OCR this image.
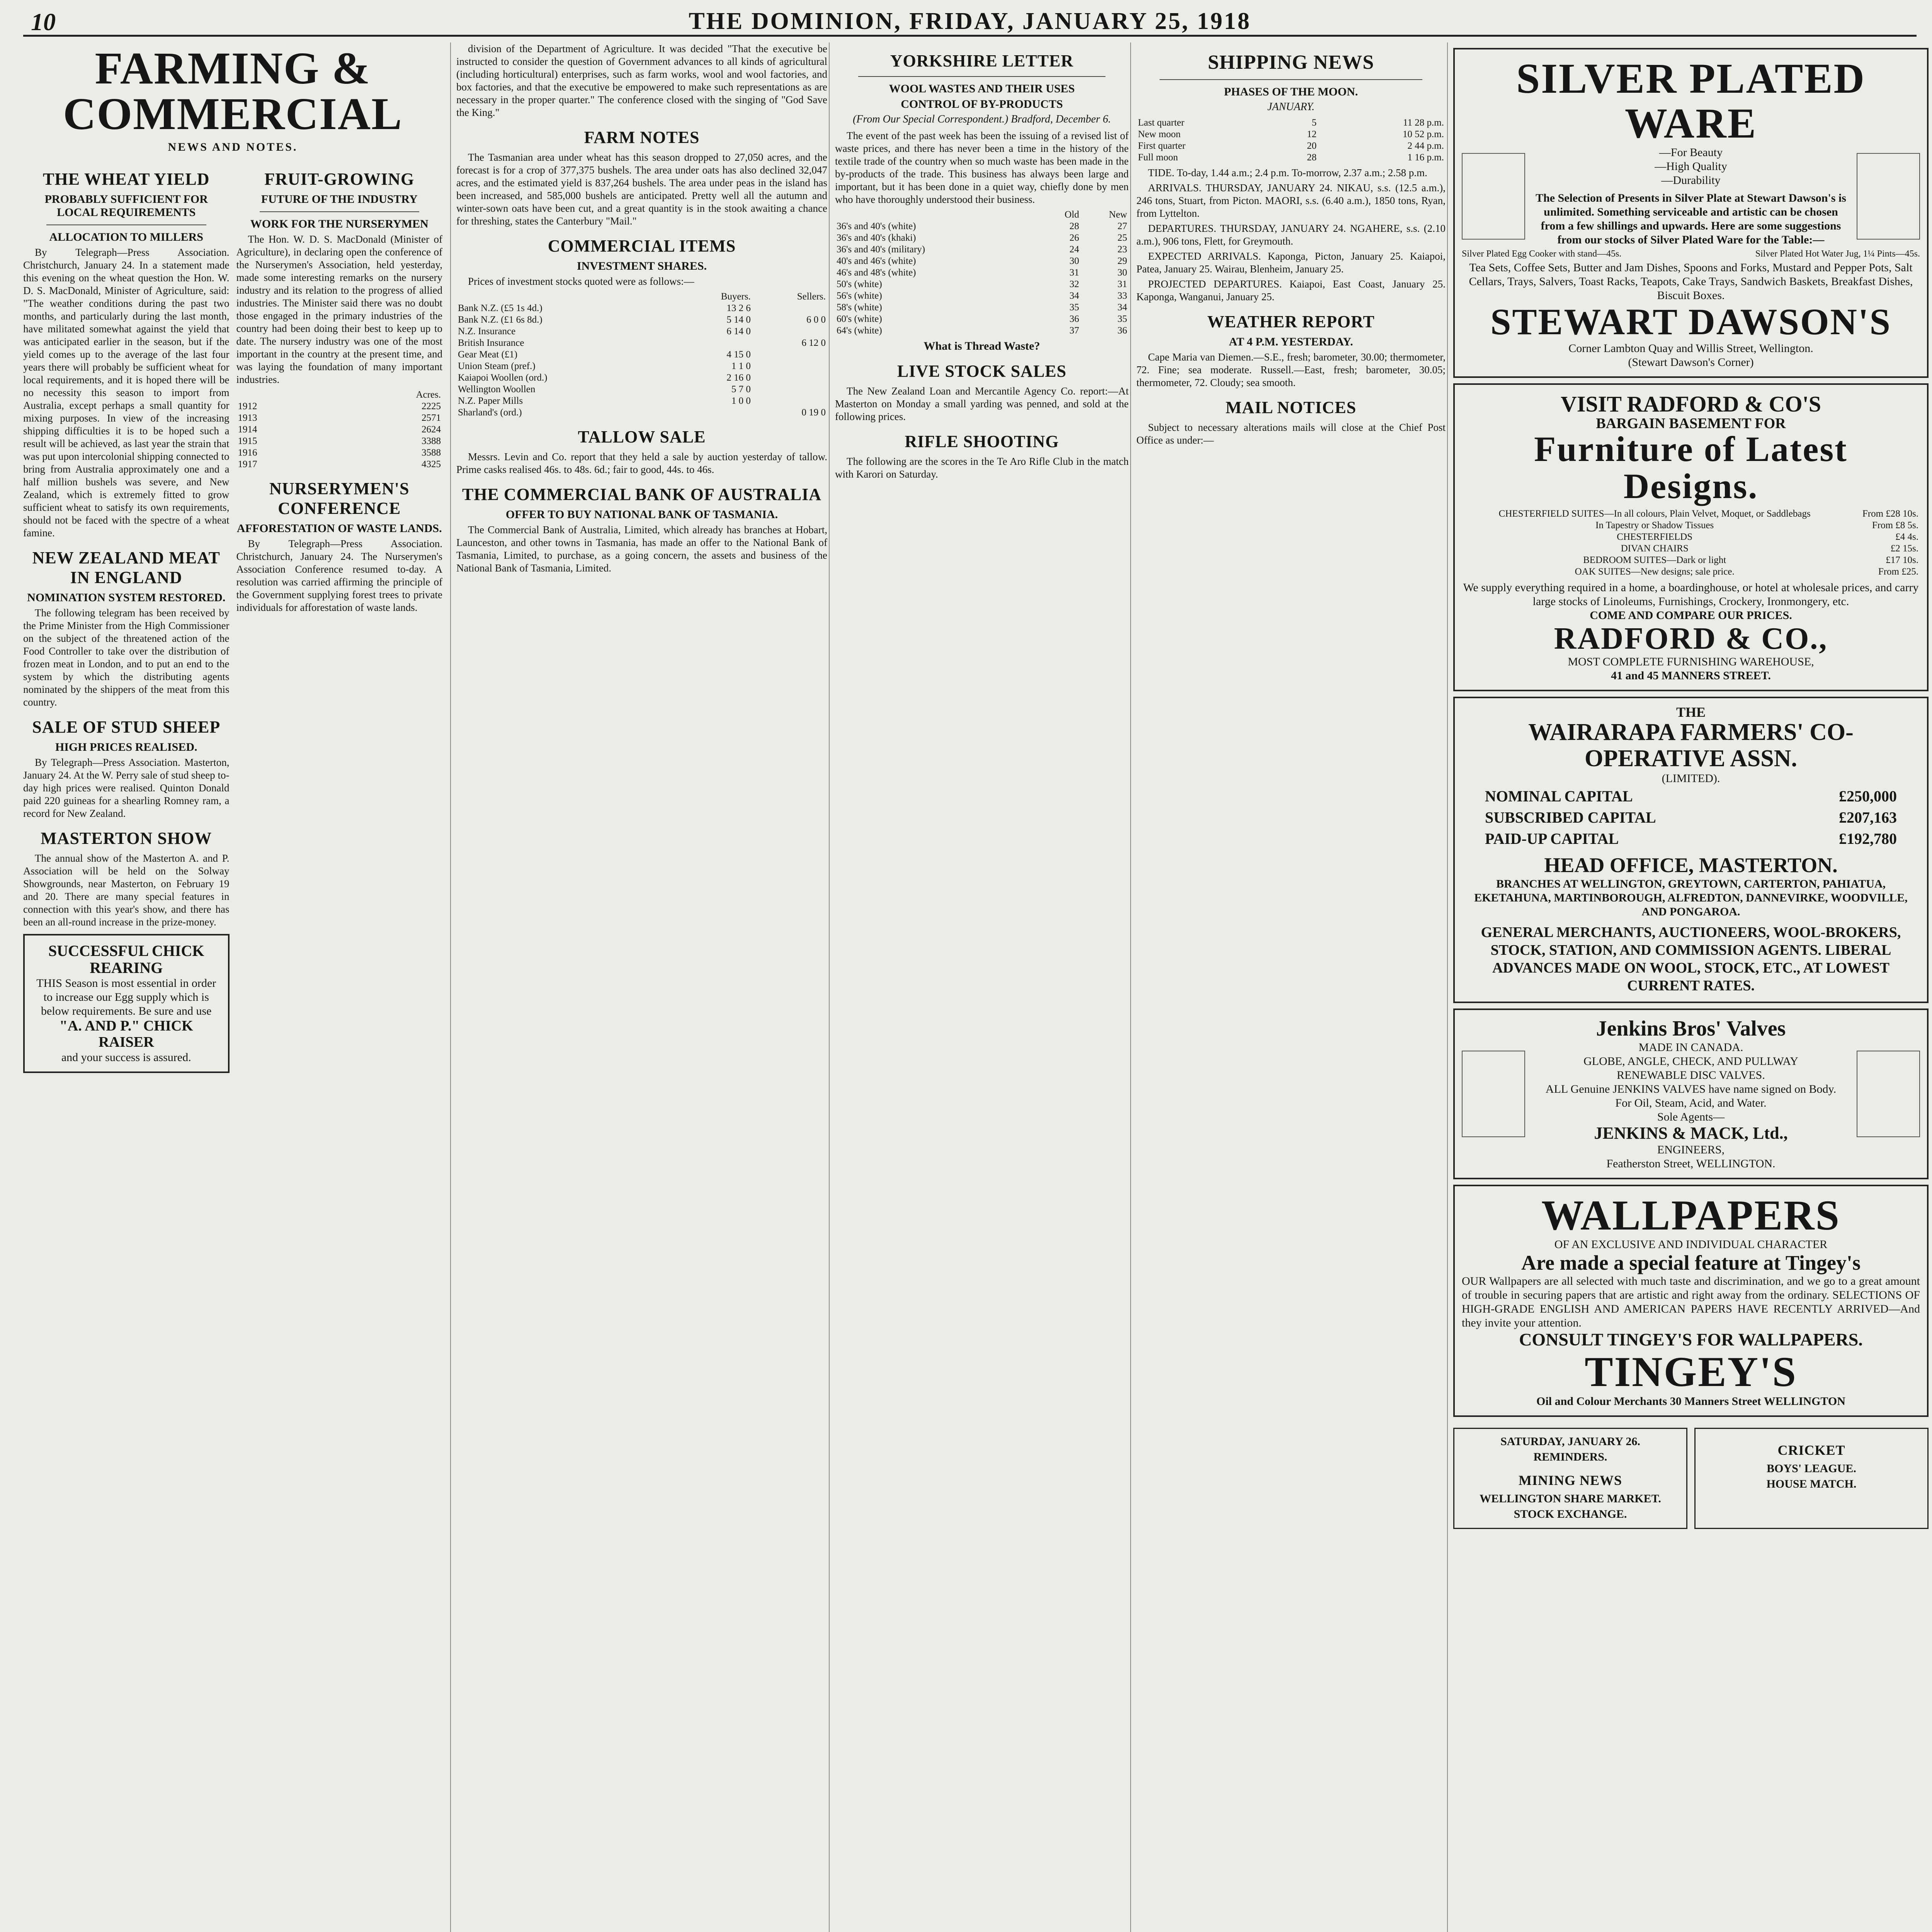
10	THE DOMINION, FRIDAY, JANUARY 25, 1918
FARMING & COMMERCIAL
NEWS AND NOTES.
THE WHEAT YIELD
PROBABLY SUFFICIENT FOR LOCAL REQUIREMENTS
ALLOCATION TO MILLERS

By Telegraph—Press Association. Christchurch, January 24. In a statement made this evening on the wheat question the Hon. W. D. S. MacDonald, Minister of Agriculture, said: "The weather conditions during the past two months, and particularly during the last month, have militated somewhat against the yield that was anticipated earlier in the season, but if the yield comes up to the average of the last four years there will probably be sufficient wheat for local requirements, and it is hoped there will be no necessity this season to import from Australia, except perhaps a small quantity for mixing purposes. In view of the increasing shipping difficulties it is to be hoped such a result will be achieved, as last year the strain that was put upon intercolonial shipping connected to bring from Australia approximately one and a half million bushels was severe, and New Zealand, which is extremely fitted to grow sufficient wheat to satisfy its own requirements, should not be faced with the spectre of a wheat famine.

NEW ZEALAND MEAT IN ENGLAND
NOMINATION SYSTEM RESTORED.

The following telegram has been received by the Prime Minister from the High Commissioner on the subject of the threatened action of the Food Controller to take over the distribution of frozen meat in London, and to put an end to the system by which the distributing agents nominated by the shippers of the meat from this country.

SALE OF STUD SHEEP
HIGH PRICES REALISED.

By Telegraph—Press Association. Masterton, January 24. At the W. Perry sale of stud sheep to-day high prices were realised. Quinton Donald paid 220 guineas for a shearling Romney ram, a record for New Zealand.

MASTERTON SHOW

The annual show of the Masterton A. and P. Association will be held on the Solway Showgrounds, near Masterton, on February 19 and 20. There are many special features in connection with this year's show, and there has been an all-round increase in the prize-money.

SUCCESSFUL CHICK REARING
THIS Season is most essential in order to increase our Egg supply which is below requirements. Be sure and use
"A. AND P." CHICK RAISER
and your success is assured.
FRUIT-GROWING
FUTURE OF THE INDUSTRY
WORK FOR THE NURSERYMEN

The Hon. W. D. S. MacDonald (Minister of Agriculture), in declaring open the conference of the Nurserymen's Association, held yesterday, made some interesting remarks on the nursery industry and its relation to the progress of allied industries. The Minister said there was no doubt those engaged in the primary industries of the country had been doing their best to keep up to date. The nursery industry was one of the most important in the country at the present time, and was laying the foundation of many important industries.

	Acres.
1912	2225
1913	2571
1914	2624
1915	3388
1916	3588
1917	4325
NURSERYMEN'S CONFERENCE
AFFORESTATION OF WASTE LANDS.

By Telegraph—Press Association. Christchurch, January 24. The Nurserymen's Association Conference resumed to-day. A resolution was carried affirming the principle of the Government supplying forest trees to private individuals for afforestation of waste lands.

division of the Department of Agriculture. It was decided "That the executive be instructed to consider the question of Government advances to all kinds of agricultural (including horticultural) enterprises, such as farm works, wool and wool factories, and box factories, and that the executive be empowered to make such representations as are necessary in the proper quarter." The conference closed with the singing of "God Save the King."

FARM NOTES

The Tasmanian area under wheat has this season dropped to 27,050 acres, and the forecast is for a crop of 377,375 bushels. The area under oats has also declined 32,047 acres, and the estimated yield is 837,264 bushels. The area under peas in the island has been increased, and 585,000 bushels are anticipated. Pretty well all the autumn and winter-sown oats have been cut, and a great quantity is in the stook awaiting a chance for threshing, states the Canterbury "Mail."

COMMERCIAL ITEMS
INVESTMENT SHARES.

Prices of investment stocks quoted were as follows:—

	Buyers.	Sellers.
Bank N.Z. (£5 1s 4d.)	13 2 6	
Bank N.Z. (£1 6s 8d.)	5 14 0	6 0 0
N.Z. Insurance	6 14 0	
British Insurance		6 12 0
Gear Meat (£1)	4 15 0	
Union Steam (pref.)	1 1 0	
Kaiapoi Woollen (ord.)	2 16 0	
Wellington Woollen	5 7 0	
N.Z. Paper Mills	1 0 0	
Sharland's (ord.)		0 19 0
TALLOW SALE

Messrs. Levin and Co. report that they held a sale by auction yesterday of tallow. Prime casks realised 46s. to 48s. 6d.; fair to good, 44s. to 46s.

THE COMMERCIAL BANK OF AUSTRALIA
OFFER TO BUY NATIONAL BANK OF TASMANIA.

The Commercial Bank of Australia, Limited, which already has branches at Hobart, Launceston, and other towns in Tasmania, has made an offer to the National Bank of Tasmania, Limited, to purchase, as a going concern, the assets and business of the National Bank of Tasmania, Limited.

YORKSHIRE LETTER
WOOL WASTES AND THEIR USES
CONTROL OF BY-PRODUCTS
(From Our Special Correspondent.) Bradford, December 6.

The event of the past week has been the issuing of a revised list of waste prices, and there has never been a time in the history of the textile trade of the country when so much waste has been made in the by-products of the trade. This business has always been large and important, but it has been done in a quiet way, chiefly done by men who have thoroughly understood their business.

	Old	New
36's and 40's (white)	28	27
36's and 40's (khaki)	26	25
36's and 40's (military)	24	23
40's and 46's (white)	30	29
46's and 48's (white)	31	30
50's (white)	32	31
56's (white)	34	33
58's (white)	35	34
60's (white)	36	35
64's (white)	37	36
What is Thread Waste?
LIVE STOCK SALES

The New Zealand Loan and Mercantile Agency Co. report:—At Masterton on Monday a small yarding was penned, and sold at the following prices.

RIFLE SHOOTING

The following are the scores in the Te Aro Rifle Club in the match with Karori on Saturday.

SHIPPING NEWS
PHASES OF THE MOON.
JANUARY.
Last quarter	5	11 28 p.m.
New moon	12	10 52 p.m.
First quarter	20	2 44 p.m.
Full moon	28	1 16 p.m.

TIDE. To-day, 1.44 a.m.; 2.4 p.m. To-morrow, 2.37 a.m.; 2.58 p.m.

ARRIVALS. THURSDAY, JANUARY 24. NIKAU, s.s. (12.5 a.m.), 246 tons, Stuart, from Picton. MAORI, s.s. (6.40 a.m.), 1850 tons, Ryan, from Lyttelton.

DEPARTURES. THURSDAY, JANUARY 24. NGAHERE, s.s. (2.10 a.m.), 906 tons, Flett, for Greymouth.

EXPECTED ARRIVALS. Kaponga, Picton, January 25. Kaiapoi, Patea, January 25. Wairau, Blenheim, January 25.

PROJECTED DEPARTURES. Kaiapoi, East Coast, January 25. Kaponga, Wanganui, January 25.

WEATHER REPORT
AT 4 P.M. YESTERDAY.

Cape Maria van Diemen.—S.E., fresh; barometer, 30.00; thermometer, 72. Fine; sea moderate. Russell.—East, fresh; barometer, 30.05; thermometer, 72. Cloudy; sea smooth.

MAIL NOTICES

Subject to necessary alterations mails will close at the Chief Post Office as under:—

SILVER PLATED WARE
—For Beauty
—High Quality
—Durability
The Selection of Presents in Silver Plate at Stewart Dawson's is unlimited. Something serviceable and artistic can be chosen from a few shillings and upwards. Here are some suggestions from our stocks of Silver Plated Ware for the Table:—
Silver Plated Egg Cooker with stand—45s.	Silver Plated Hot Water Jug, 1¼ Pints—45s.
Tea Sets, Coffee Sets, Butter and Jam Dishes, Spoons and Forks, Mustard and Pepper Pots, Salt Cellars, Trays, Salvers, Toast Racks, Teapots, Cake Trays, Sandwich Baskets, Breakfast Dishes, Biscuit Boxes.
STEWART DAWSON'S
Corner Lambton Quay and Willis Street, Wellington.
(Stewart Dawson's Corner)
VISIT RADFORD & CO'S
BARGAIN BASEMENT FOR
Furniture of Latest Designs.
CHESTERFIELD SUITES—In all colours, Plain Velvet, Moquet, or Saddlebags	From £28 10s.
In Tapestry or Shadow Tissues	From £8 5s.
CHESTERFIELDS	£4 4s.
DIVAN CHAIRS	£2 15s.
BEDROOM SUITES—Dark or light	£17 10s.
OAK SUITES—New designs; sale price.	From £25.
We supply everything required in a home, a boardinghouse, or hotel at wholesale prices, and carry large stocks of Linoleums, Furnishings, Crockery, Ironmongery, etc.
COME AND COMPARE OUR PRICES.
RADFORD & CO.,
MOST COMPLETE FURNISHING WAREHOUSE,
41 and 45 MANNERS STREET.
THE
WAIRARAPA FARMERS' CO-OPERATIVE ASSN.
(LIMITED).
NOMINAL CAPITAL	£250,000
SUBSCRIBED CAPITAL	£207,163
PAID-UP CAPITAL	£192,780
HEAD OFFICE, MASTERTON.
BRANCHES AT WELLINGTON, GREYTOWN, CARTERTON, PAHIATUA, EKETAHUNA, MARTINBOROUGH, ALFREDTON, DANNEVIRKE, WOODVILLE, AND PONGAROA.
GENERAL MERCHANTS, AUCTIONEERS, WOOL-BROKERS, STOCK, STATION, AND COMMISSION AGENTS. LIBERAL ADVANCES MADE ON WOOL, STOCK, ETC., AT LOWEST CURRENT RATES.
Jenkins Bros' Valves
MADE IN CANADA.
GLOBE, ANGLE, CHECK, AND PULLWAY
RENEWABLE DISC VALVES.
ALL Genuine JENKINS VALVES have name signed on Body.
For Oil, Steam, Acid, and Water.
Sole Agents—
JENKINS & MACK, Ltd.,
ENGINEERS,
Featherston Street, WELLINGTON.
WALLPAPERS
OF AN EXCLUSIVE AND INDIVIDUAL CHARACTER
Are made a special feature at Tingey's
OUR Wallpapers are all selected with much taste and discrimination, and we go to a great amount of trouble in securing papers that are artistic and right away from the ordinary. SELECTIONS OF HIGH-GRADE ENGLISH AND AMERICAN PAPERS HAVE RECENTLY ARRIVED—And they invite your attention.
CONSULT TINGEY'S FOR WALLPAPERS.
TINGEY'S
Oil and Colour Merchants 30 Manners Street WELLINGTON
SATURDAY, JANUARY 26.
REMINDERS.
MINING NEWS
WELLINGTON SHARE MARKET.
STOCK EXCHANGE.
CRICKET
BOYS' LEAGUE.
HOUSE MATCH.
